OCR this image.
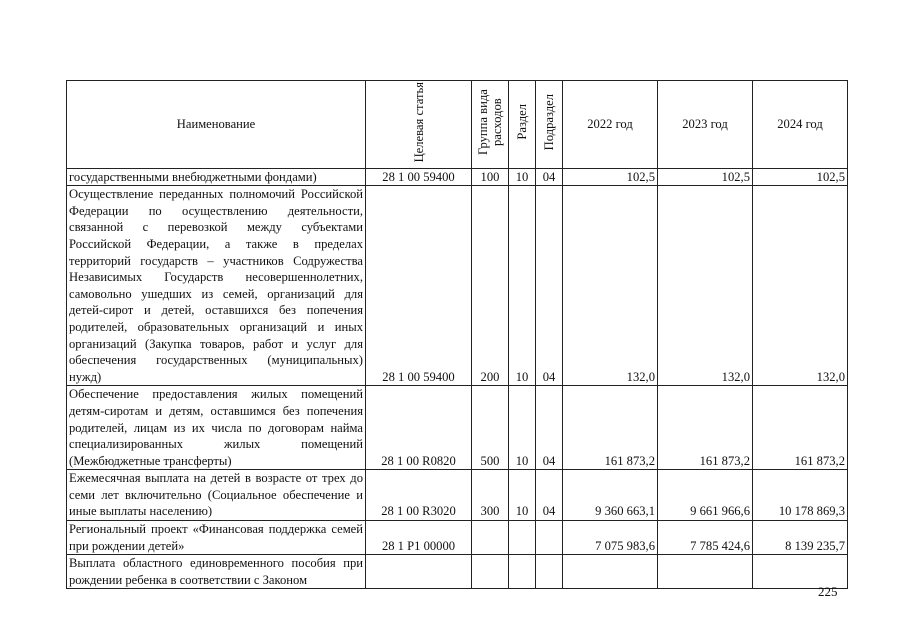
Наименование	Целевая статья	Группа вида расходов	Раздел	Подраздел	2022 год	2023 год	2024 год
государственными внебюджетными фондами)	28 1 00 59400	100	10	04	102,5	102,5	102,5
Осуществление переданных полномочий Российской Федерации по осуществлению деятельности, связанной с перевозкой между субъектами Российской Федерации, а также в пределах территорий государств – участников Содружества Независимых Государств несовершеннолетних, самовольно ушедших из семей, организаций для детей-сирот и детей, оставшихся без попечения родителей, образовательных организаций и иных организаций (Закупка товаров, работ и услуг для обеспечения государственных (муниципальных) нужд)	28 1 00 59400	200	10	04	132,0	132,0	132,0
Обеспечение предоставления жилых помещений детям-сиротам и детям, оставшимся без попечения родителей, лицам из их числа по договорам найма специализированных жилых помещений (Межбюджетные трансферты)	28 1 00 R0820	500	10	04	161 873,2	161 873,2	161 873,2
Ежемесячная выплата на детей в возрасте от трех до семи лет включительно (Социальное обеспечение и иные выплаты населению)	28 1 00 R3020	300	10	04	9 360 663,1	9 661 966,6	10 178 869,3
Региональный проект «Финансовая поддержка семей при рождении детей»	28 1 P1 00000				7 075 983,6	7 785 424,6	8 139 235,7
Выплата областного единовременного пособия при рождении ребенка в соответствии с Законом							
225
